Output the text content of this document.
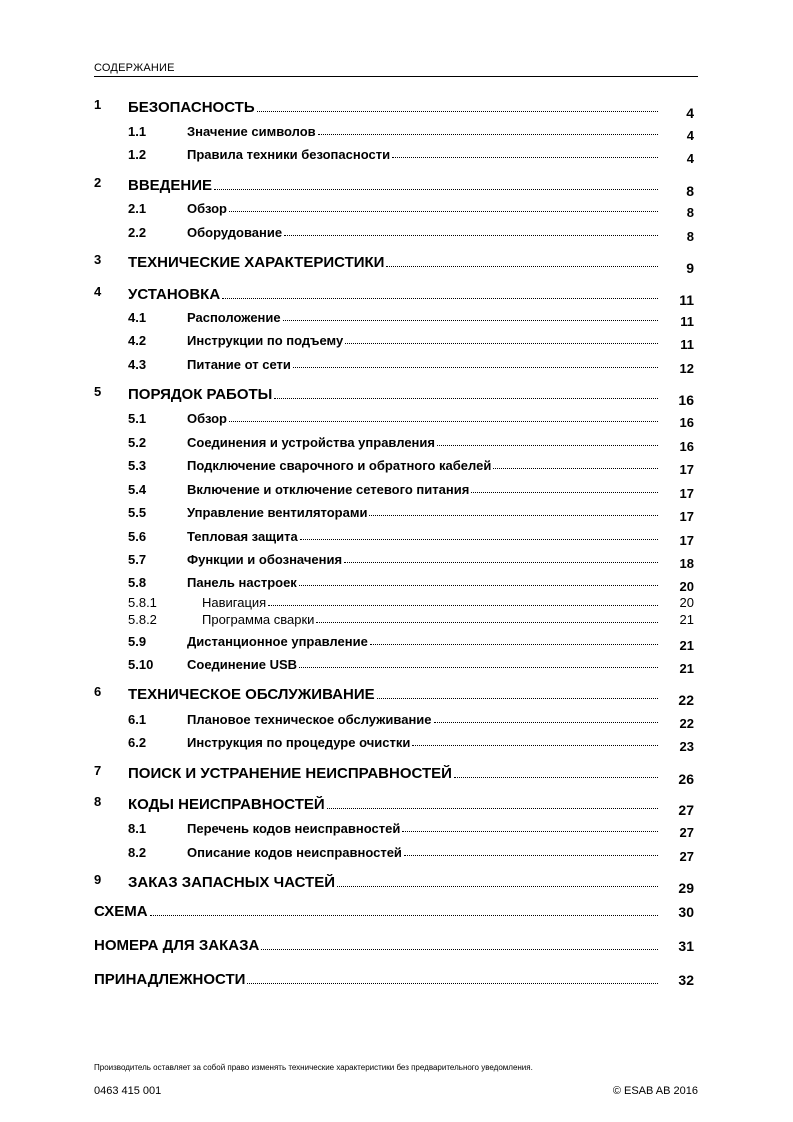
СОДЕРЖАНИЕ
1 БЕЗОПАСНОСТЬ	4
1.1	Значение символов	4
1.2	Правила техники безопасности	4
2 ВВЕДЕНИЕ	8
2.1	Обзор	8
2.2	Оборудование	8
3 ТЕХНИЧЕСКИЕ ХАРАКТЕРИСТИКИ	9
4 УСТАНОВКА	11
4.1	Расположение	11
4.2	Инструкции по подъему	11
4.3	Питание от сети	12
5 ПОРЯДОК РАБОТЫ	16
5.1	Обзор	16
5.2	Соединения и устройства управления	16
5.3	Подключение сварочного и обратного кабелей	17
5.4	Включение и отключение сетевого питания	17
5.5	Управление вентиляторами	17
5.6	Тепловая защита	17
5.7	Функции и обозначения	18
5.8	Панель настроек	20
5.8.1	Навигация	20
5.8.2	Программа сварки	21
5.9	Дистанционное управление	21
5.10	Соединение USB	21
6 ТЕХНИЧЕСКОЕ ОБСЛУЖИВАНИЕ	22
6.1	Плановое техническое обслуживание	22
6.2	Инструкция по процедуре очистки	23
7 ПОИСК И УСТРАНЕНИЕ НЕИСПРАВНОСТЕЙ	26
8 КОДЫ НЕИСПРАВНОСТЕЙ	27
8.1	Перечень кодов неисправностей	27
8.2	Описание кодов неисправностей	27
9 ЗАКАЗ ЗАПАСНЫХ ЧАСТЕЙ	29
СХЕМА	30
НОМЕРА ДЛЯ ЗАКАЗА	31
ПРИНАДЛЕЖНОСТИ	32
Производитель оставляет за собой право изменять технические характеристики без предварительного уведомления.
0463 415 001	© ESAB AB 2016
